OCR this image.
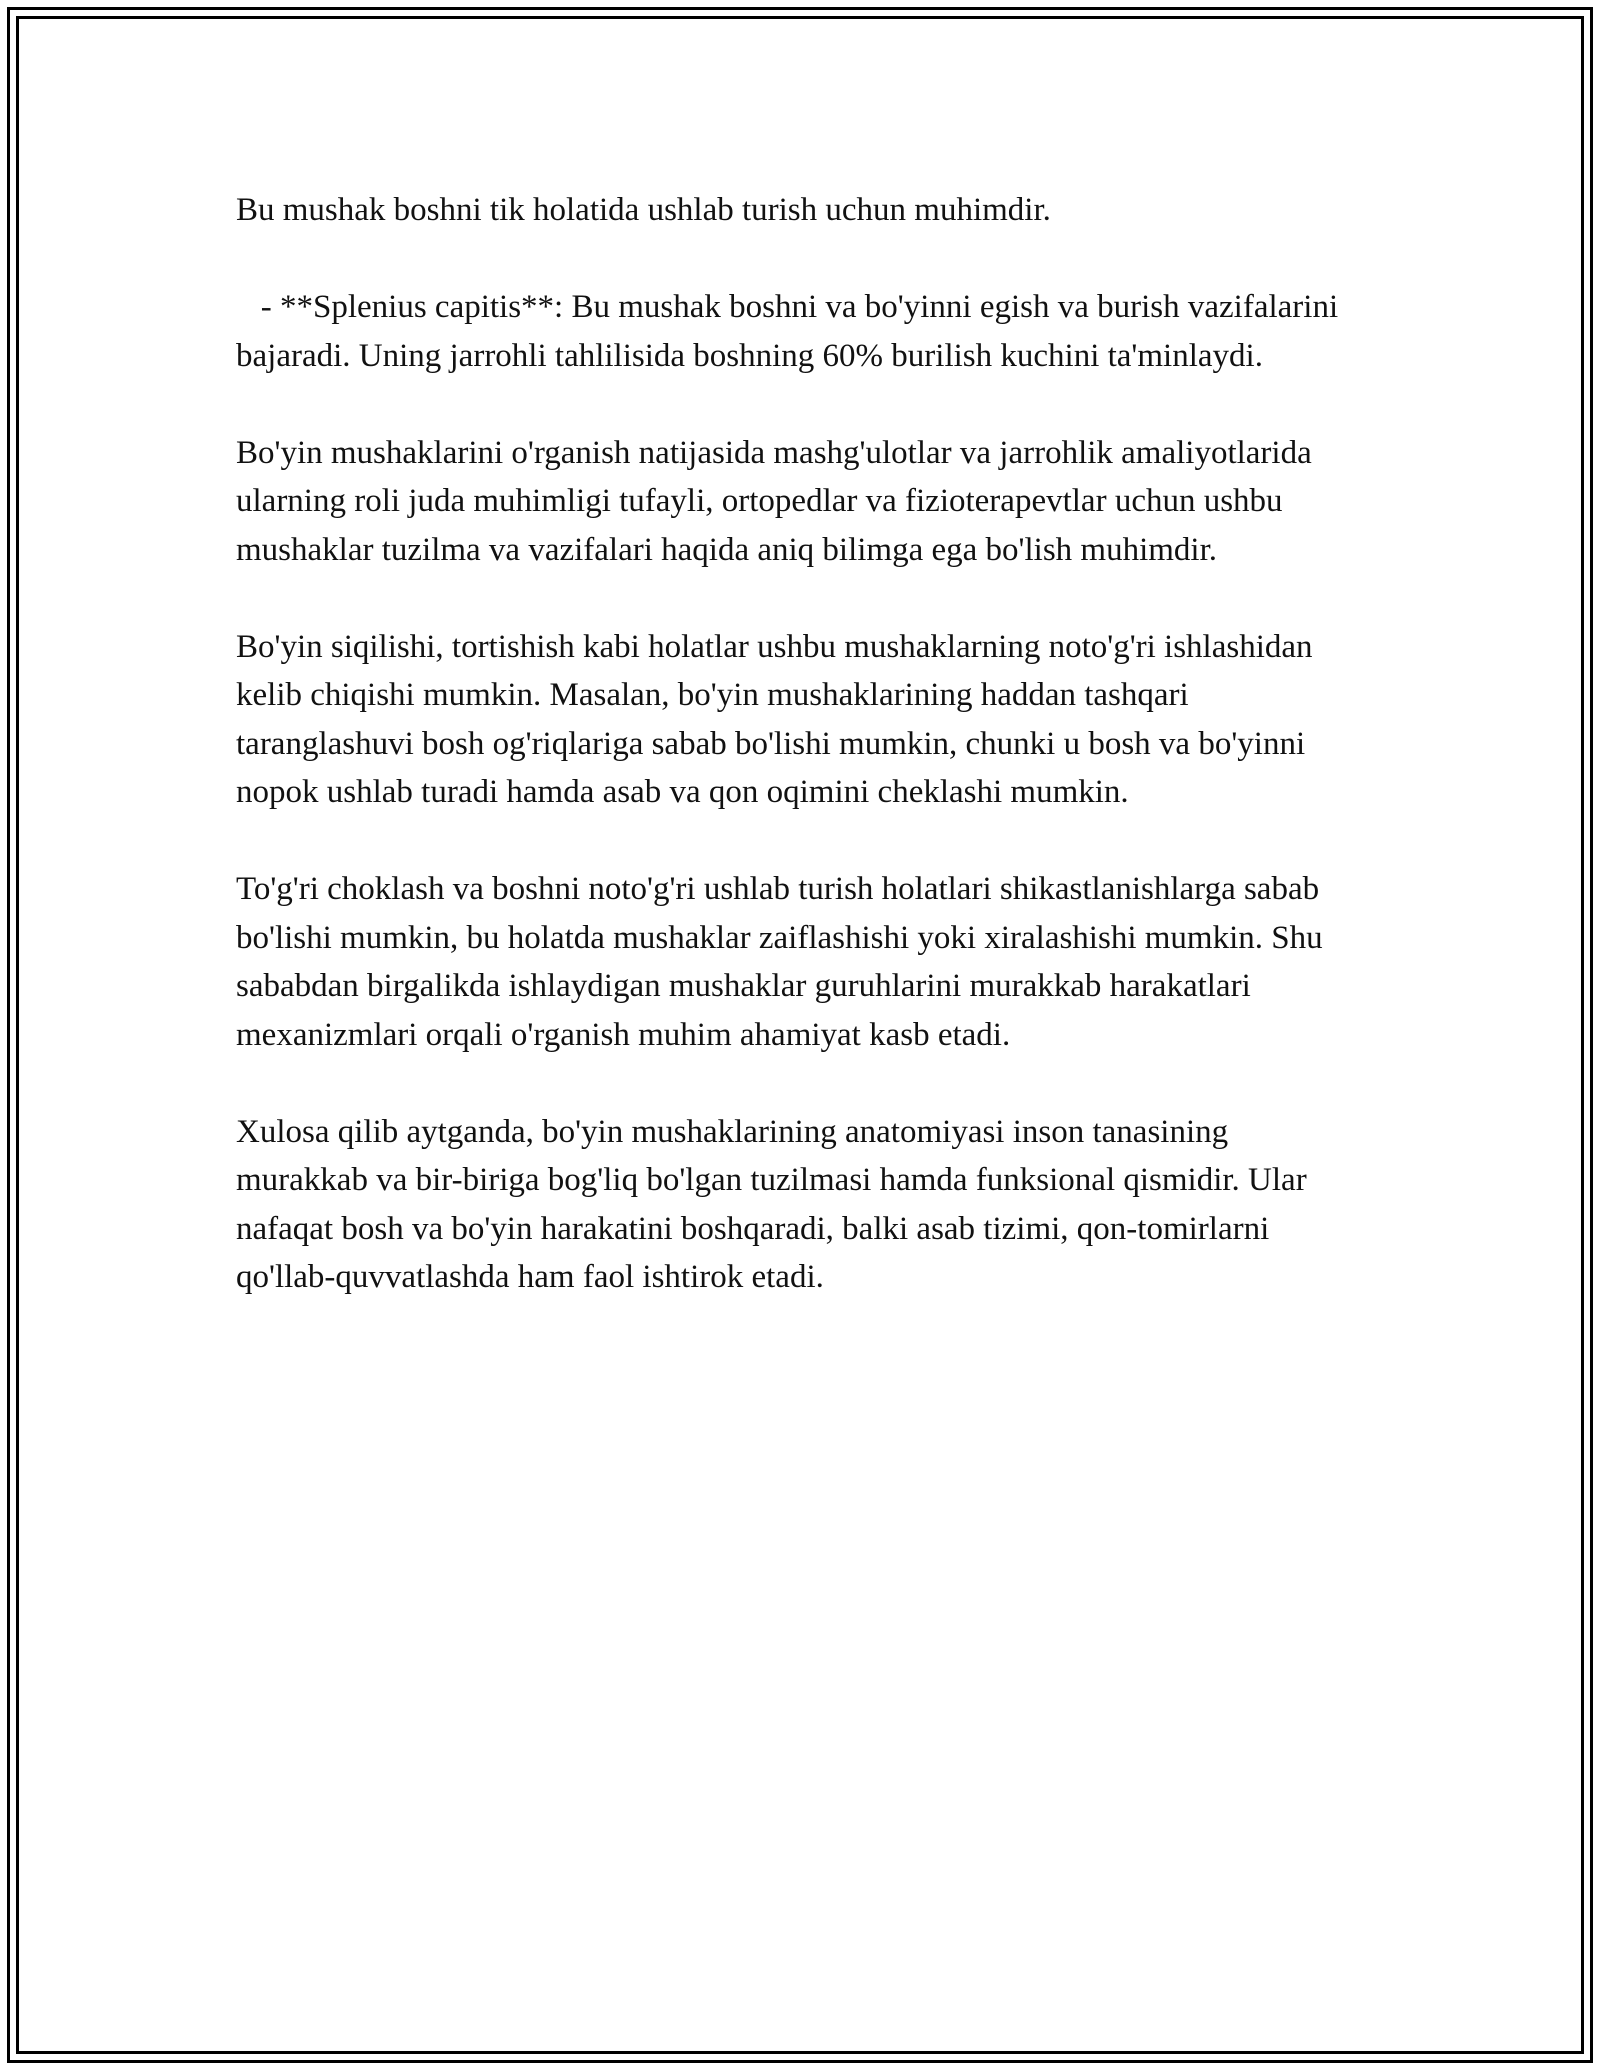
Bu mushak boshni tik holatida ushlab turish uchun muhimdir.

- **Splenius capitis**: Bu mushak boshni va bo'yinni egish va burish vazifalarini bajaradi. Uning jarrohli tahlilisida boshning 60% burilish kuchini ta'minlaydi.

Bo'yin mushaklarini o'rganish natijasida mashg'ulotlar va jarrohlik amaliyotlarida ularning roli juda muhimligi tufayli, ortopedlar va fizioterapevtlar uchun ushbu mushaklar tuzilma va vazifalari haqida aniq bilimga ega bo'lish muhimdir.

Bo'yin siqilishi, tortishish kabi holatlar ushbu mushaklarning noto'g'ri ishlashidan kelib chiqishi mumkin. Masalan, bo'yin mushaklarining haddan tashqari taranglashuvi bosh og'riqlariga sabab bo'lishi mumkin, chunki u bosh va bo'yinni nopok ushlab turadi hamda asab va qon oqimini cheklashi mumkin.

To'g'ri choklash va boshni noto'g'ri ushlab turish holatlari shikastlanishlarga sabab bo'lishi mumkin, bu holatda mushaklar zaiflashishi yoki xiralashishi mumkin. Shu sababdan birgalikda ishlaydigan mushaklar guruhlarini murakkab harakatlari mexanizmlari orqali o'rganish muhim ahamiyat kasb etadi.

Xulosa qilib aytganda, bo'yin mushaklarining anatomiyasi inson tanasining murakkab va bir-biriga bog'liq bo'lgan tuzilmasi hamda funksional qismidir. Ular nafaqat bosh va bo'yin harakatini boshqaradi, balki asab tizimi, qon-tomirlarni qo'llab-quvvatlashda ham faol ishtirok etadi.
